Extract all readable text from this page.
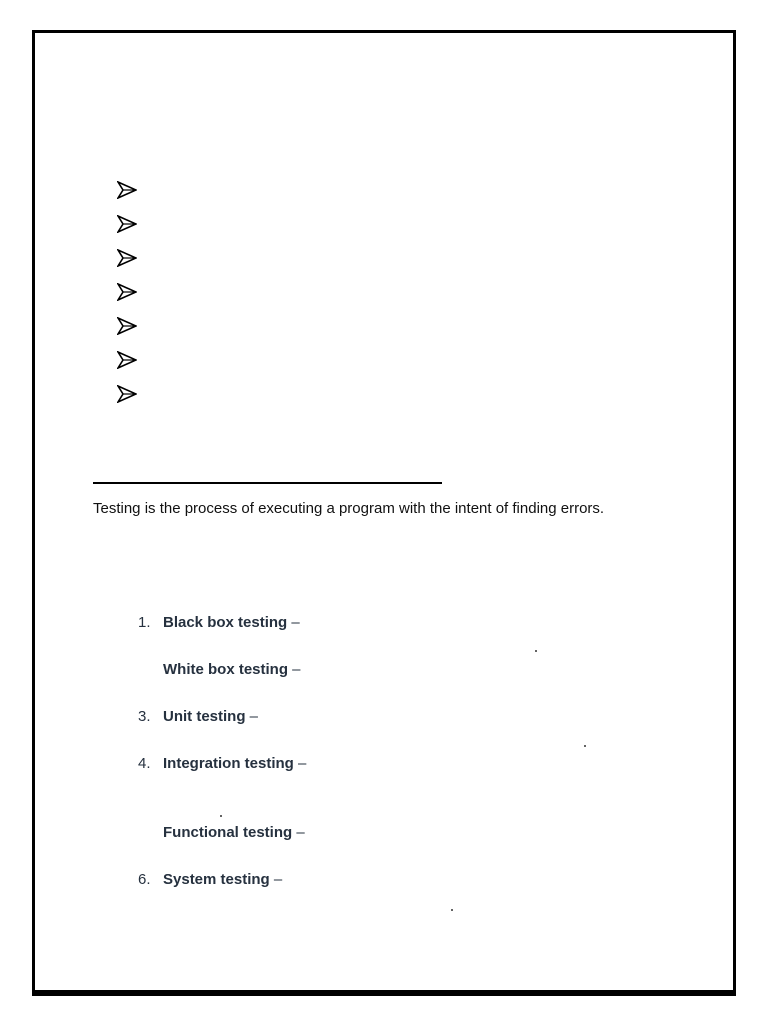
Testing is the process of executing a program with the intent of finding errors.
1. Black box testing –
White box testing –
3. Unit testing –
4. Integration testing –
Functional testing –
6. System testing –
